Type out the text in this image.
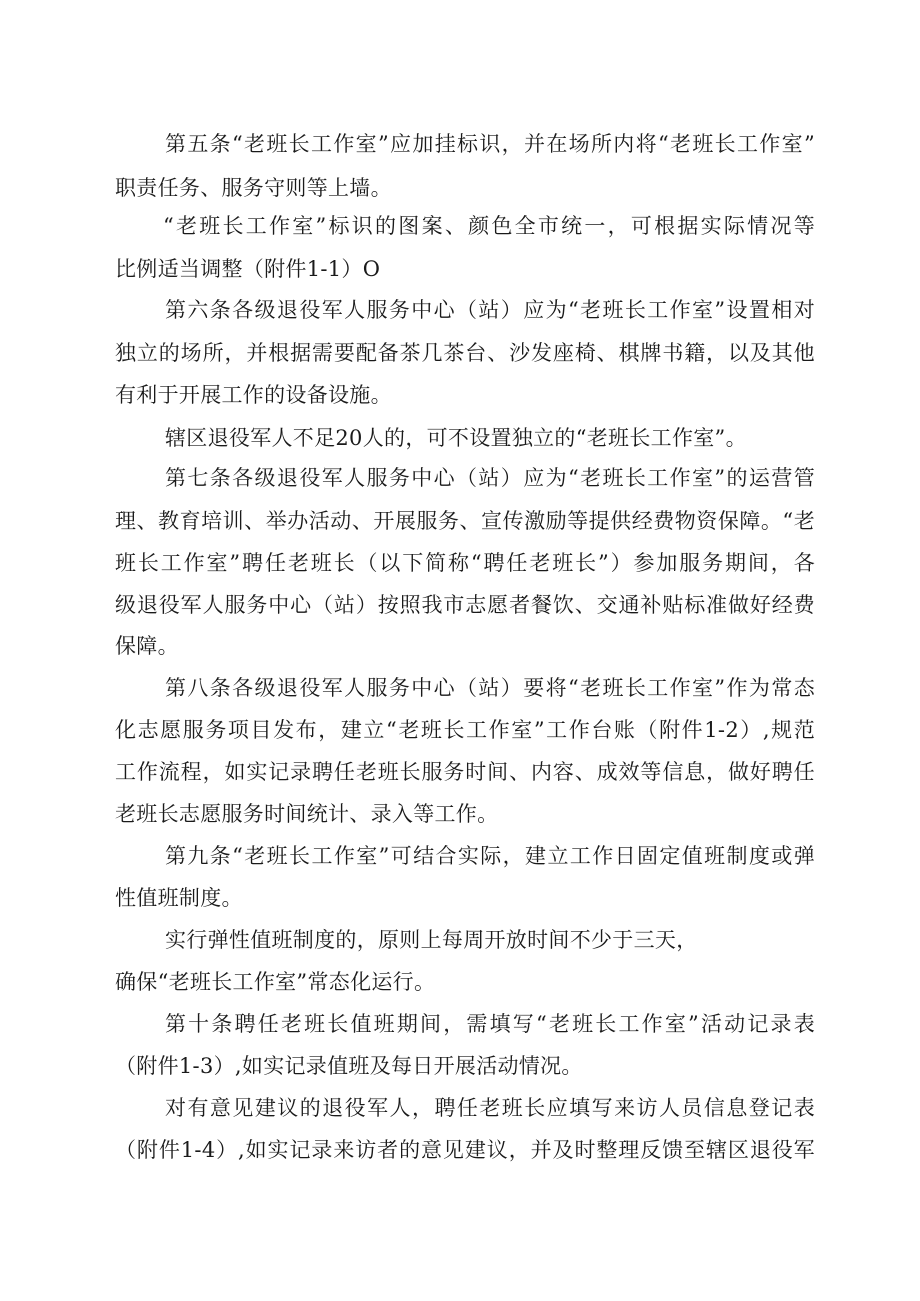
第五条“老班长工作室”应加挂标识，并在场所内将“老班长工作室”
职责任务、服务守则等上墙。
“老班长工作室”标识的图案、颜色全市统一，可根据实际情况等
比例适当调整（附件1-1）O
第六条各级退役军人服务中心（站）应为“老班长工作室”设置相对
独立的场所，并根据需要配备茶几茶台、沙发座椅、棋牌书籍，以及其他
有利于开展工作的设备设施。
辖区退役军人不足20人的，可不设置独立的“老班长工作室”。
第七条各级退役军人服务中心（站）应为“老班长工作室”的运营管
理、教育培训、举办活动、开展服务、宣传激励等提供经费物资保障。“老
班长工作室”聘任老班长（以下简称“聘任老班长”）参加服务期间，各
级退役军人服务中心（站）按照我市志愿者餐饮、交通补贴标准做好经费
保障。
第八条各级退役军人服务中心（站）要将“老班长工作室”作为常态
化志愿服务项目发布，建立“老班长工作室”工作台账（附件1-2）,规范
工作流程，如实记录聘任老班长服务时间、内容、成效等信息，做好聘任
老班长志愿服务时间统计、录入等工作。
第九条“老班长工作室”可结合实际，建立工作日固定值班制度或弹
性值班制度。
实行弹性值班制度的，原则上每周开放时间不少于三天，
确保“老班长工作室”常态化运行。
第十条聘任老班长值班期间，需填写“老班长工作室”活动记录表
（附件1-3）,如实记录值班及每日开展活动情况。
对有意见建议的退役军人，聘任老班长应填写来访人员信息登记表
（附件1-4）,如实记录来访者的意见建议，并及时整理反馈至辖区退役军
